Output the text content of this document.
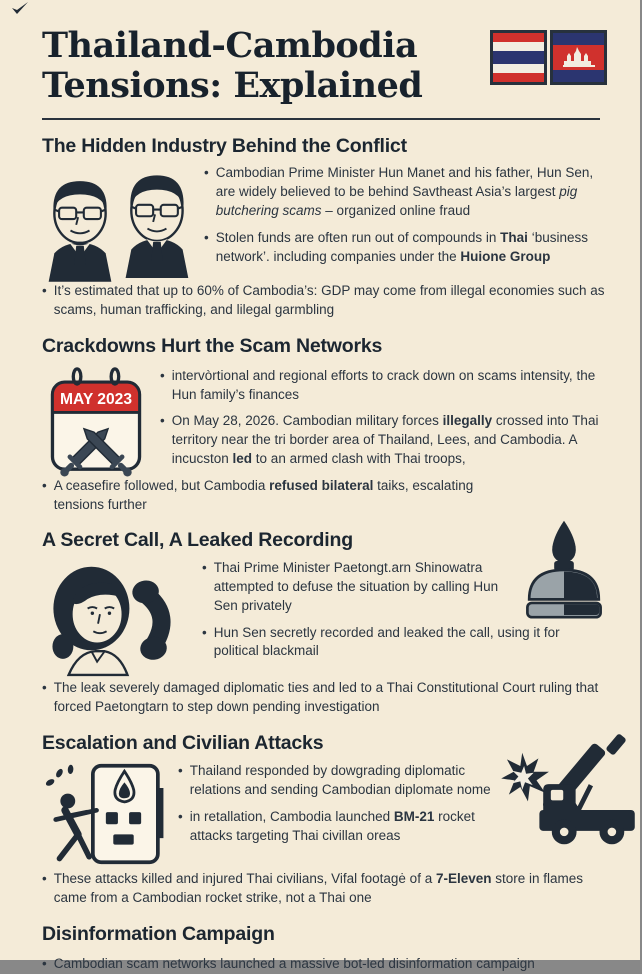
Thailand-Cambodia
Tensions: Explained
The Hidden Industry Behind the Conflict
• Cambodian Prime Minister Hun Manet and his father, Hun Sen, are widely believed to be behind Savtheast Asia’s largest pig butchering scams – organized online fraud
• Stolen funds are often run out of compounds in Thai ‘business network’. including companies under the Huione Group
• It’s estimated that up to 60% of Cambodia’s: GDP may come from illegal economies such as scams, human trafficking, and lilegal garmbling
Crackdowns Hurt the Scam Networks
MAY 2023
• intervòrtional and regional efforts to crack down on scams intensity, the Hun family’s finances
• On May 28, 2026. Cambodian military forces illegally crossed into Thai territory near the tri border area of Thailand, Lees, and Cambodia. A incucston led to an armed clash with Thai troops,
• A ceasefire followed, but Cambodia refused bilateral taiks, escalating tensions further
A Secret Call, A Leaked Recording
• Thai Prime Minister Paetongt.arn Shinowatra attempted to defuse the situation by calling Hun Sen privately
• Hun Sen secretly recorded and leaked the call, using it for political blackmail
• The leak severely damaged diplomatic ties and led to a Thai Constitutional Court ruling that forced Paetongtarn to step down pending investigation
Escalation and Civilian Attacks
• Thailand responded by dowgrading diplomatic relations and sending Cambodian diplomate nome
• in retallation, Cambodia launched BM-21 rocket attacks targeting Thai civillan oreas
• These attacks killed and injured Thai civilians, Vifal footagė of a 7-Eleven store in flames came from a Cambodian rocket strike, not a Thai one
Disinformation Campaign
• Cambodian scam networks launched a massive bot-led disinformation campaign
